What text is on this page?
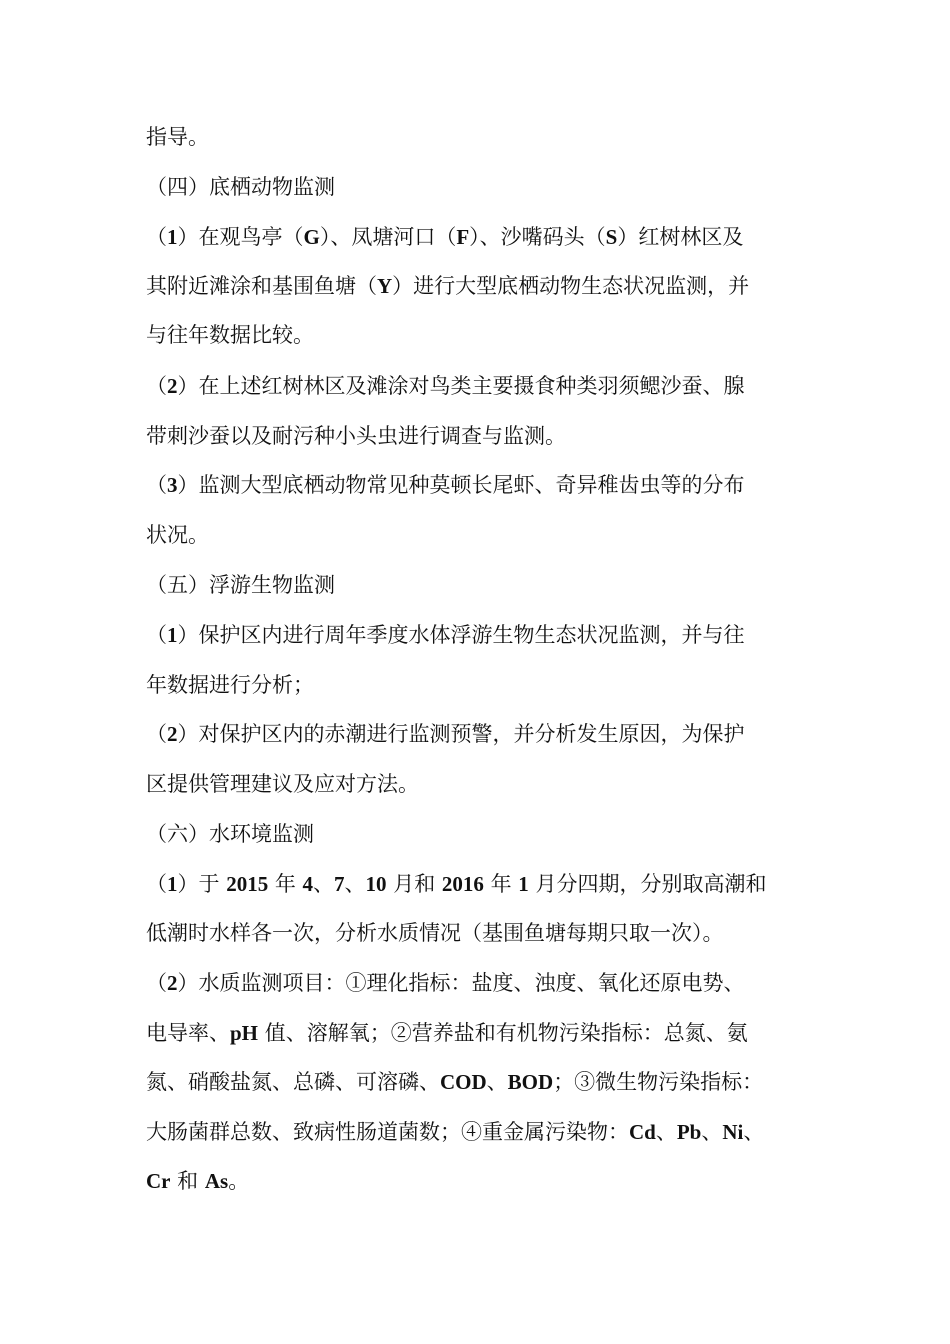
指导。
（四）底栖动物监测
（1）在观鸟亭（G）、凤塘河口（F）、沙嘴码头（S）红树林区及
其附近滩涂和基围鱼塘（Y）进行大型底栖动物生态状况监测，并
与往年数据比较。
（2）在上述红树林区及滩涂对鸟类主要摄食种类羽须鳃沙蚕、腺
带刺沙蚕以及耐污种小头虫进行调查与监测。
（3）监测大型底栖动物常见种莫顿长尾虾、奇异稚齿虫等的分布
状况。
（五）浮游生物监测
（1）保护区内进行周年季度水体浮游生物生态状况监测，并与往
年数据进行分析；
（2）对保护区内的赤潮进行监测预警，并分析发生原因，为保护
区提供管理建议及应对方法。
（六）水环境监测
（1）于 2015 年 4、7、10 月和 2016 年 1 月分四期，分别取高潮和
低潮时水样各一次，分析水质情况（基围鱼塘每期只取一次）。
（2）水质监测项目：①理化指标：盐度、浊度、氧化还原电势、
电导率、pH 值、溶解氧；②营养盐和有机物污染指标：总氮、氨
氮、硝酸盐氮、总磷、可溶磷、COD、BOD；③微生物污染指标：
大肠菌群总数、致病性肠道菌数；④重金属污染物：Cd、Pb、Ni、
Cr 和 As。
